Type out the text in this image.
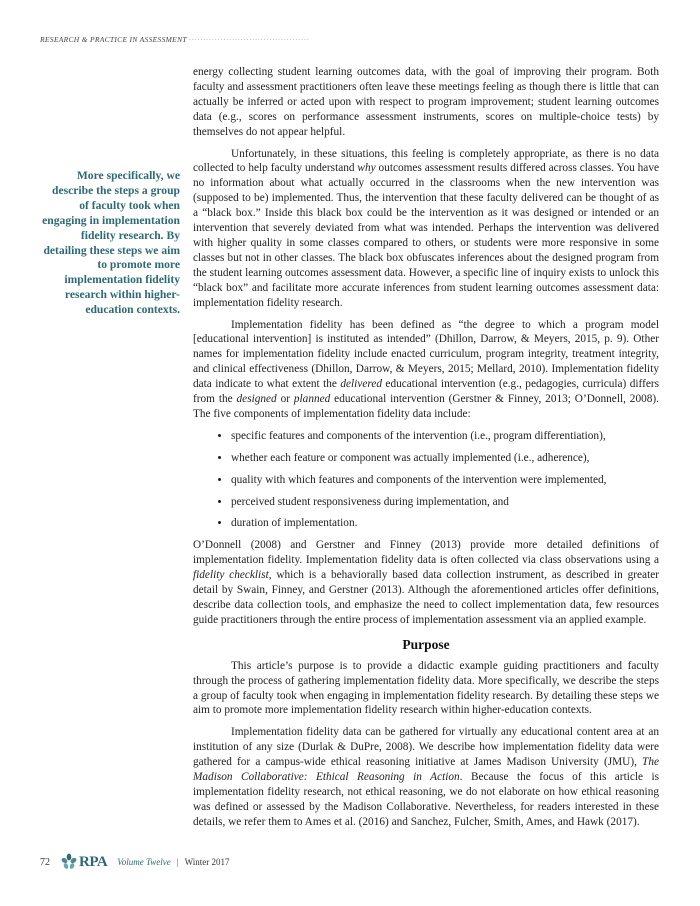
RESEARCH & PRACTICE IN ASSESSMENT ··········································
More specifically, we describe the steps a group of faculty took when engaging in implementation fidelity research. By detailing these steps we aim to promote more implementation fidelity research within higher-education contexts.

energy collecting student learning outcomes data, with the goal of improving their program. Both faculty and assessment practitioners often leave these meetings feeling as though there is little that can actually be inferred or acted upon with respect to program improvement; student learning outcomes data (e.g., scores on performance assessment instruments, scores on multiple-choice tests) by themselves do not appear helpful.

Unfortunately, in these situations, this feeling is completely appropriate, as there is no data collected to help faculty understand why outcomes assessment results differed across classes. You have no information about what actually occurred in the classrooms when the new intervention was (supposed to be) implemented. Thus, the intervention that these faculty delivered can be thought of as a “black box.” Inside this black box could be the intervention as it was designed or intended or an intervention that severely deviated from what was intended. Perhaps the intervention was delivered with higher quality in some classes compared to others, or students were more responsive in some classes but not in other classes. The black box obfuscates inferences about the designed program from the student learning outcomes assessment data. However, a specific line of inquiry exists to unlock this “black box” and facilitate more accurate inferences from student learning outcomes assessment data: implementation fidelity research.

Implementation fidelity has been defined as “the degree to which a program model [educational intervention] is instituted as intended” (Dhillon, Darrow, & Meyers, 2015, p. 9). Other names for implementation fidelity include enacted curriculum, program integrity, treatment integrity, and clinical effectiveness (Dhillon, Darrow, & Meyers, 2015; Mellard, 2010). Implementation fidelity data indicate to what extent the delivered educational intervention (e.g., pedagogies, curricula) differs from the designed or planned educational intervention (Gerstner & Finney, 2013; O’Donnell, 2008). The five components of implementation fidelity data include:

• specific features and components of the intervention (i.e., program differentiation),
• whether each feature or component was actually implemented (i.e., adherence),
• quality with which features and components of the intervention were implemented,
• perceived student responsiveness during implementation, and
• duration of implementation.

O’Donnell (2008) and Gerstner and Finney (2013) provide more detailed definitions of implementation fidelity. Implementation fidelity data is often collected via class observations using a fidelity checklist, which is a behaviorally based data collection instrument, as described in greater detail by Swain, Finney, and Gerstner (2013). Although the aforementioned articles offer definitions, describe data collection tools, and emphasize the need to collect implementation data, few resources guide practitioners through the entire process of implementation assessment via an applied example.

Purpose

This article’s purpose is to provide a didactic example guiding practitioners and faculty through the process of gathering implementation fidelity data. More specifically, we describe the steps a group of faculty took when engaging in implementation fidelity research. By detailing these steps we aim to promote more implementation fidelity research within higher-education contexts.

Implementation fidelity data can be gathered for virtually any educational content area at an institution of any size (Durlak & DuPre, 2008). We describe how implementation fidelity data were gathered for a campus-wide ethical reasoning initiative at James Madison University (JMU), The Madison Collaborative: Ethical Reasoning in Action. Because the focus of this article is implementation fidelity research, not ethical reasoning, we do not elaborate on how ethical reasoning was defined or assessed by the Madison Collaborative. Nevertheless, for readers interested in these details, we refer them to Ames et al. (2016) and Sanchez, Fulcher, Smith, Ames, and Hawk (2017).

72 RPA Volume Twelve | Winter 2017
